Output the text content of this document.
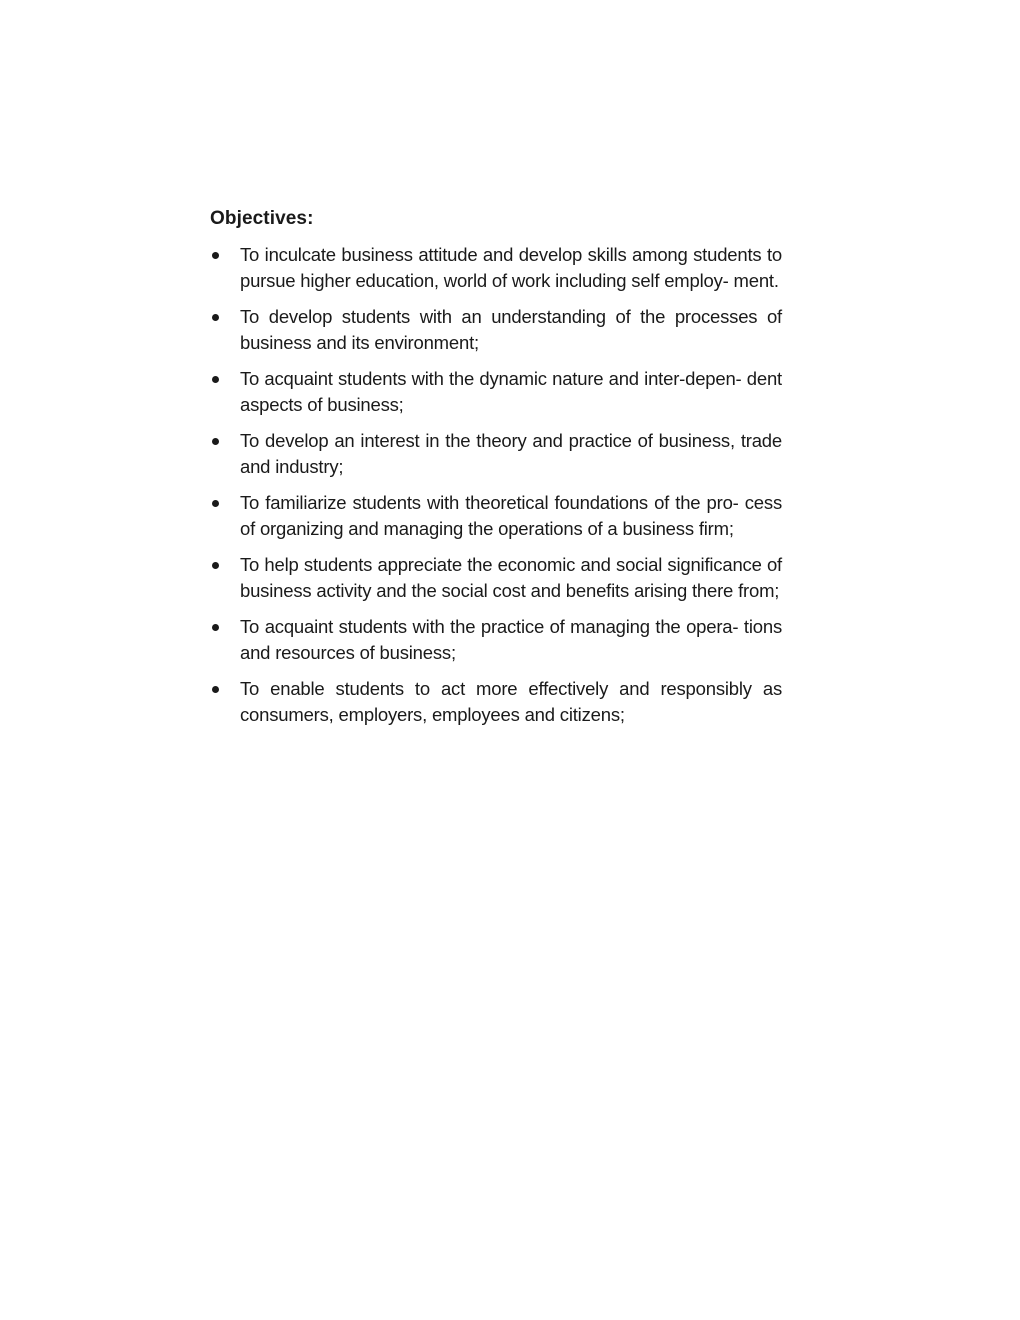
Objectives:
To inculcate business attitude and develop skills among students to pursue higher education, world of work including self employ- ment.
To develop students with an understanding of the processes of business and its environment;
To acquaint students with the dynamic nature and inter-depen- dent aspects of business;
To develop an interest in the theory and practice of business, trade and industry;
To familiarize students with theoretical foundations of the pro- cess of organizing and managing the operations of a business firm;
To help students appreciate the economic and social significance of business activity and the social cost and benefits arising there from;
To acquaint students with the practice of managing the opera- tions and resources of business;
To enable students to act more effectively and responsibly as consumers, employers, employees and citizens;
